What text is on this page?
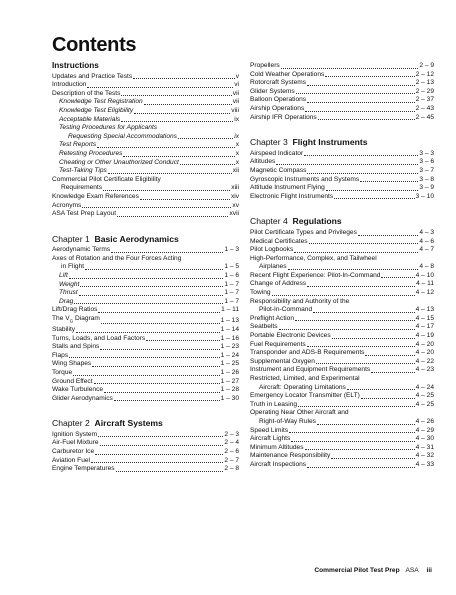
Contents
Instructions
Updates and Practice Tests	v
Introduction	vi
Description of the Tests	vii
Knowledge Test Registration	vii
Knowledge Test Eligibility	viii
Acceptable Materials	ix
Testing Procedures for Applicants
Requesting Special Accommodations	ix
Test Reports	x
Retesting Procedures	x
Cheating or Other Unauthorized Conduct	x
Test-Taking Tips	xii
Commercial Pilot Certificate Eligibility
Requirements	xiii
Knowledge Exam References	xiv
Acronyms	xv
ASA Test Prep Layout	xvii
Chapter 1 Basic Aerodynamics
Aerodynamic Terms	1 – 3
Axes of Rotation and the Four Forces Acting
in Flight	1 – 5
Lift	1 – 6
Weight	1 – 7
Thrust	1 – 7
Drag	1 – 7
Lift/Drag Ratios	1 – 11
The $V_G$ Diagram	1 – 13
Stability	1 – 14
Turns, Loads, and Load Factors	1 – 16
Stalls and Spins	1 – 23
Flaps	1 – 24
Wing Shapes	1 – 25
Torque	1 – 26
Ground Effect	1 – 27
Wake Turbulence	1 – 28
Glider Aerodynamics	1 – 30
Chapter 2 Aircraft Systems
Ignition System	2 – 3
Air-Fuel Mixture	2 – 4
Carburetor Ice	2 – 6
Aviation Fuel	2 – 7
Engine Temperatures	2 – 8
Propellers	2 – 9
Cold Weather Operations	2 – 12
Rotorcraft Systems	2 – 13
Glider Systems	2 – 29
Balloon Operations	2 – 37
Airship Operations	2 – 43
Airship IFR Operations	2 – 45
Chapter 3 Flight Instruments
Airspeed Indicator	3 – 3
Altitudes	3 – 6
Magnetic Compass	3 – 7
Gyroscopic Instruments and Systems	3 – 8
Attitude Instrument Flying	3 – 9
Electronic Flight Instruments	3 – 10
Chapter 4 Regulations
Pilot Certificate Types and Privileges	4 – 3
Medical Certificates	4 – 6
Pilot Logbooks	4 – 7
High-Performance, Complex, and Tailwheel
Airplanes	4 – 8
Recent Flight Experience: Pilot-In-Command	4 – 10
Change of Address	4 – 11
Towing	4 – 12
Responsibility and Authority of the
Pilot-In-Command	4 – 13
Preflight Action	4 – 15
Seatbelts	4 – 17
Portable Electronic Devices	4 – 19
Fuel Requirements	4 – 20
Transponder and ADS-B Requirements	4 – 20
Supplemental Oxygen	4 – 22
Instrument and Equipment Requirements	4 – 23
Restricted, Limited, and Experimental
Aircraft: Operating Limitations	4 – 24
Emergency Locator Transmitter (ELT)	4 – 25
Truth in Leasing	4 – 25
Operating Near Other Aircraft and
Right-of-Way Rules	4 – 26
Speed Limits	4 – 29
Aircraft Lights	4 – 30
Minimum Altitudes	4 – 31
Maintenance Responsibility	4 – 32
Aircraft Inspections	4 – 33
Commercial Pilot Test Prep ASA iii
